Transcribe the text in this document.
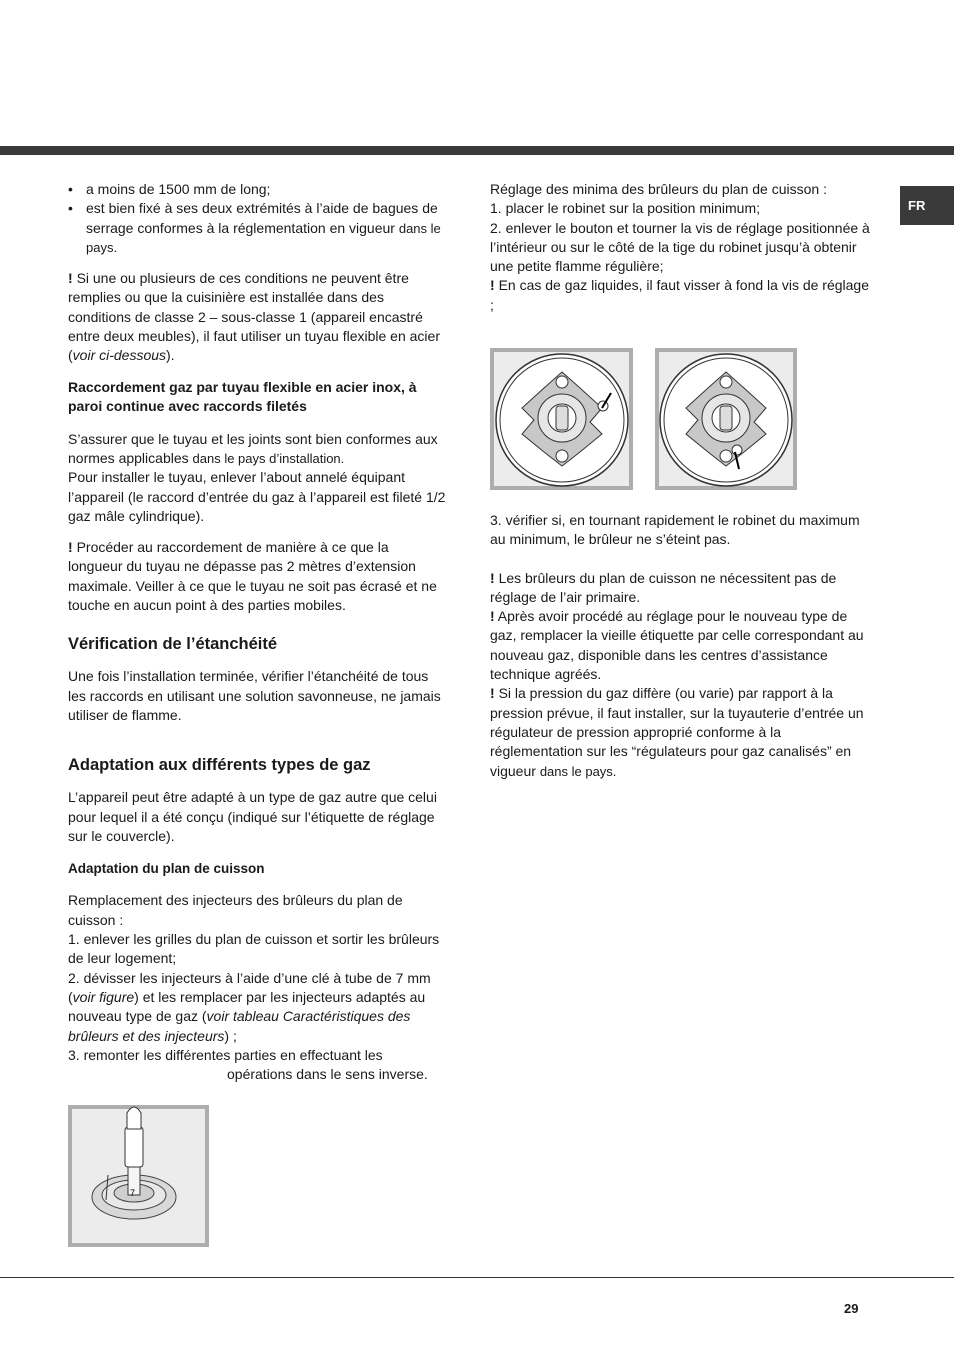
FR
• a moins de 1500 mm de long;
• est bien fixé à ses deux extrémités à l’aide de bagues de serrage conformes à la réglementation en vigueur dans le pays.

! Si une ou plusieurs de ces conditions ne peuvent être remplies ou que la cuisinière est installée dans des conditions de classe 2 – sous-classe 1 (appareil encastré entre deux meubles), il faut utiliser un tuyau flexible en acier (voir ci-dessous).

Raccordement gaz par tuyau flexible en acier inox, à paroi continue avec raccords filetés

S’assurer que le tuyau et les joints sont bien conformes aux normes applicables dans le pays d’installation.

Pour installer le tuyau, enlever l’about annelé équipant l’appareil (le raccord d’entrée du gaz à l’appareil est fileté 1/2 gaz mâle cylindrique).

! Procéder au raccordement de manière à ce que la longueur du tuyau ne dépasse pas 2 mètres d’extension maximale. Veiller à ce que le tuyau ne soit pas écrasé et ne touche en aucun point à des parties mobiles.

Vérification de l’étanchéité

Une fois l’installation terminée, vérifier l’étanchéité de tous les raccords en utilisant une solution savonneuse, ne jamais utiliser de flamme.

Adaptation aux différents types de gaz

L’appareil peut être adapté à un type de gaz autre que celui pour lequel il a été conçu (indiqué sur l’étiquette de réglage sur le couvercle).

Adaptation du plan de cuisson

Remplacement des injecteurs des brûleurs du plan de cuisson :

1. enlever les grilles du plan de cuisson et sortir les brûleurs de leur logement;

2. dévisser les injecteurs à l’aide d’une clé à tube de 7 mm (voir figure) et les remplacer par les injecteurs adaptés au nouveau type de gaz (voir tableau Caractéristiques des brûleurs et des injecteurs) ;

3. remonter les différentes parties en effectuant les

opérations dans le sens inverse.

7

Réglage des minima des brûleurs du plan de cuisson :

1. placer le robinet sur la position minimum;

2. enlever le bouton et tourner la vis de réglage positionnée à l’intérieur ou sur le côté de la tige du robinet jusqu’à obtenir une petite flamme régulière;

! En cas de gaz liquides, il faut visser à fond la vis de réglage ;

3. vérifier si, en tournant rapidement le robinet du maximum au minimum, le brûleur ne s’éteint pas.

! Les brûleurs du plan de cuisson ne nécessitent pas de réglage de l’air primaire.

! Après avoir procédé au réglage pour le nouveau type de gaz, remplacer la vieille étiquette par celle correspondant au nouveau gaz, disponible dans les centres d’assistance technique agréés.

! Si la pression du gaz diffère (ou varie) par rapport à la pression prévue, il faut installer, sur la tuyauterie d’entrée un régulateur de pression approprié conforme à la réglementation sur les “régulateurs pour gaz canalisés” en vigueur dans le pays.

29
